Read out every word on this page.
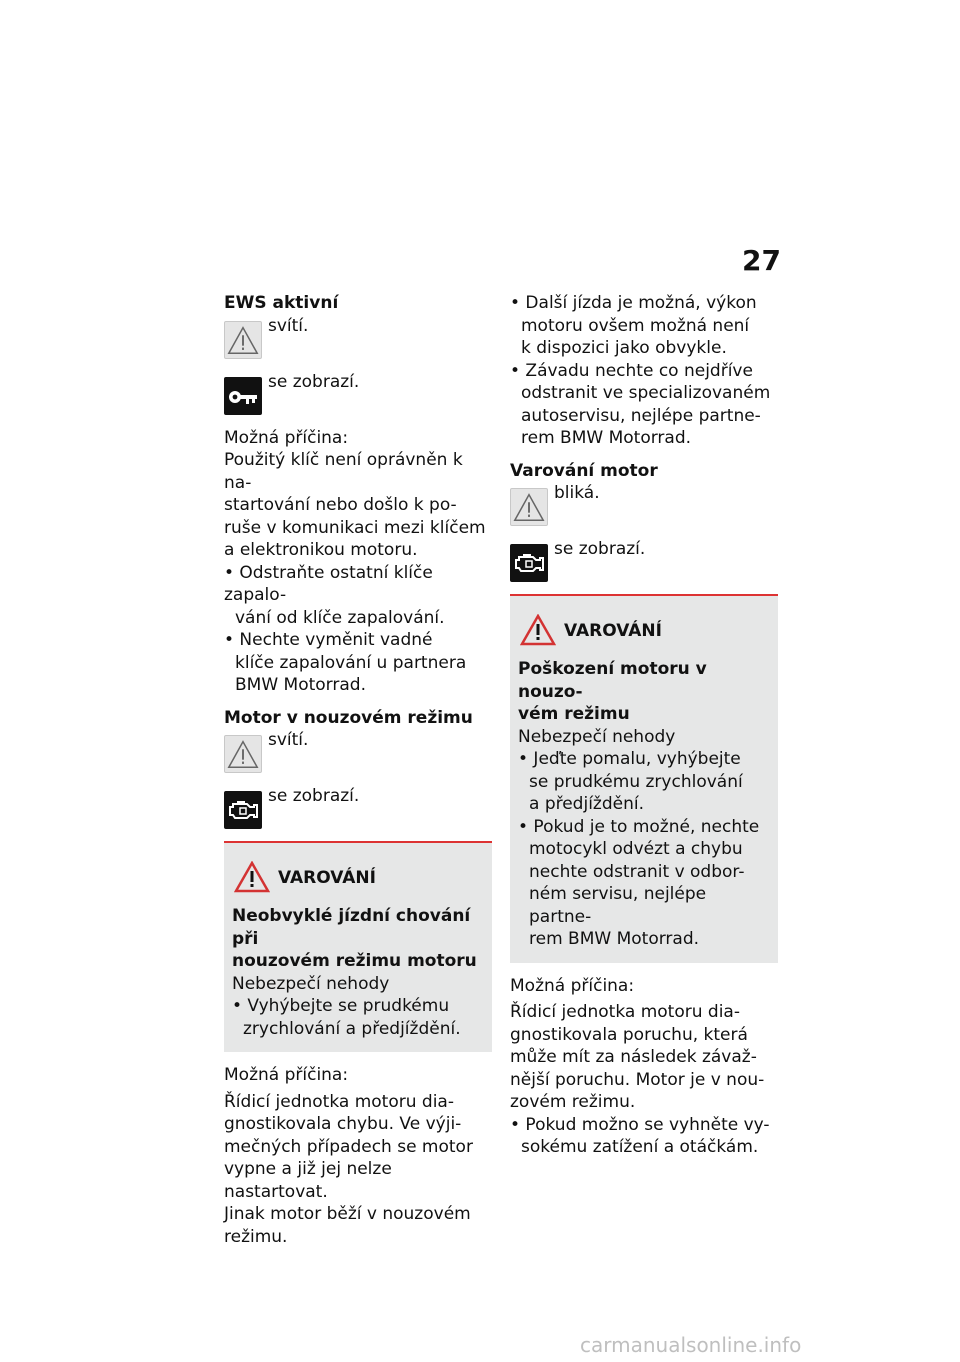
27

EWS aktivní

svítí.
se zobrazí.

Možná příčina:

Použitý klíč není oprávněn k na-

startování nebo došlo k po-

ruše v komunikaci mezi klíčem

a elektronikou motoru.

• Odstraňte ostatní klíče zapalo-

vání od klíče zapalování.

• Nechte vyměnit vadné

klíče zapalování u partnera

BMW Motorrad.

Motor v nouzovém režimu

svítí.
se zobrazí.
VAROVÁNÍ

Neobvyklé jízdní chování při

nouzovém režimu motoru

Nebezpečí nehody

• Vyhýbejte se prudkému

zrychlování a předjíždění.

Možná příčina:

Řídicí jednotka motoru dia-

gnostikovala chybu. Ve výji-

mečných případech se motor

vypne a již jej nelze nastartovat.

Jinak motor běží v nouzovém

režimu.

• Další jízda je možná, výkon

motoru ovšem možná není

k dispozici jako obvykle.

• Závadu nechte co nejdříve

odstranit ve specializovaném

autoservisu, nejlépe partne-

rem BMW Motorrad.

Varování motor

bliká.
se zobrazí.
VAROVÁNÍ

Poškození motoru v nouzo-

vém režimu

Nebezpečí nehody

• Jeďte pomalu, vyhýbejte

se prudkému zrychlování

a předjíždění.

• Pokud je to možné, nechte

motocykl odvézt a chybu

nechte odstranit v odbor-

ném servisu, nejlépe partne-

rem BMW Motorrad.

Možná příčina:

Řídicí jednotka motoru dia-

gnostikovala poruchu, která

může mít za následek závaž-

nější poruchu. Motor je v nou-

zovém režimu.

• Pokud možno se vyhněte vy-

sokému zatížení a otáčkám.

carmanualsonline.info
